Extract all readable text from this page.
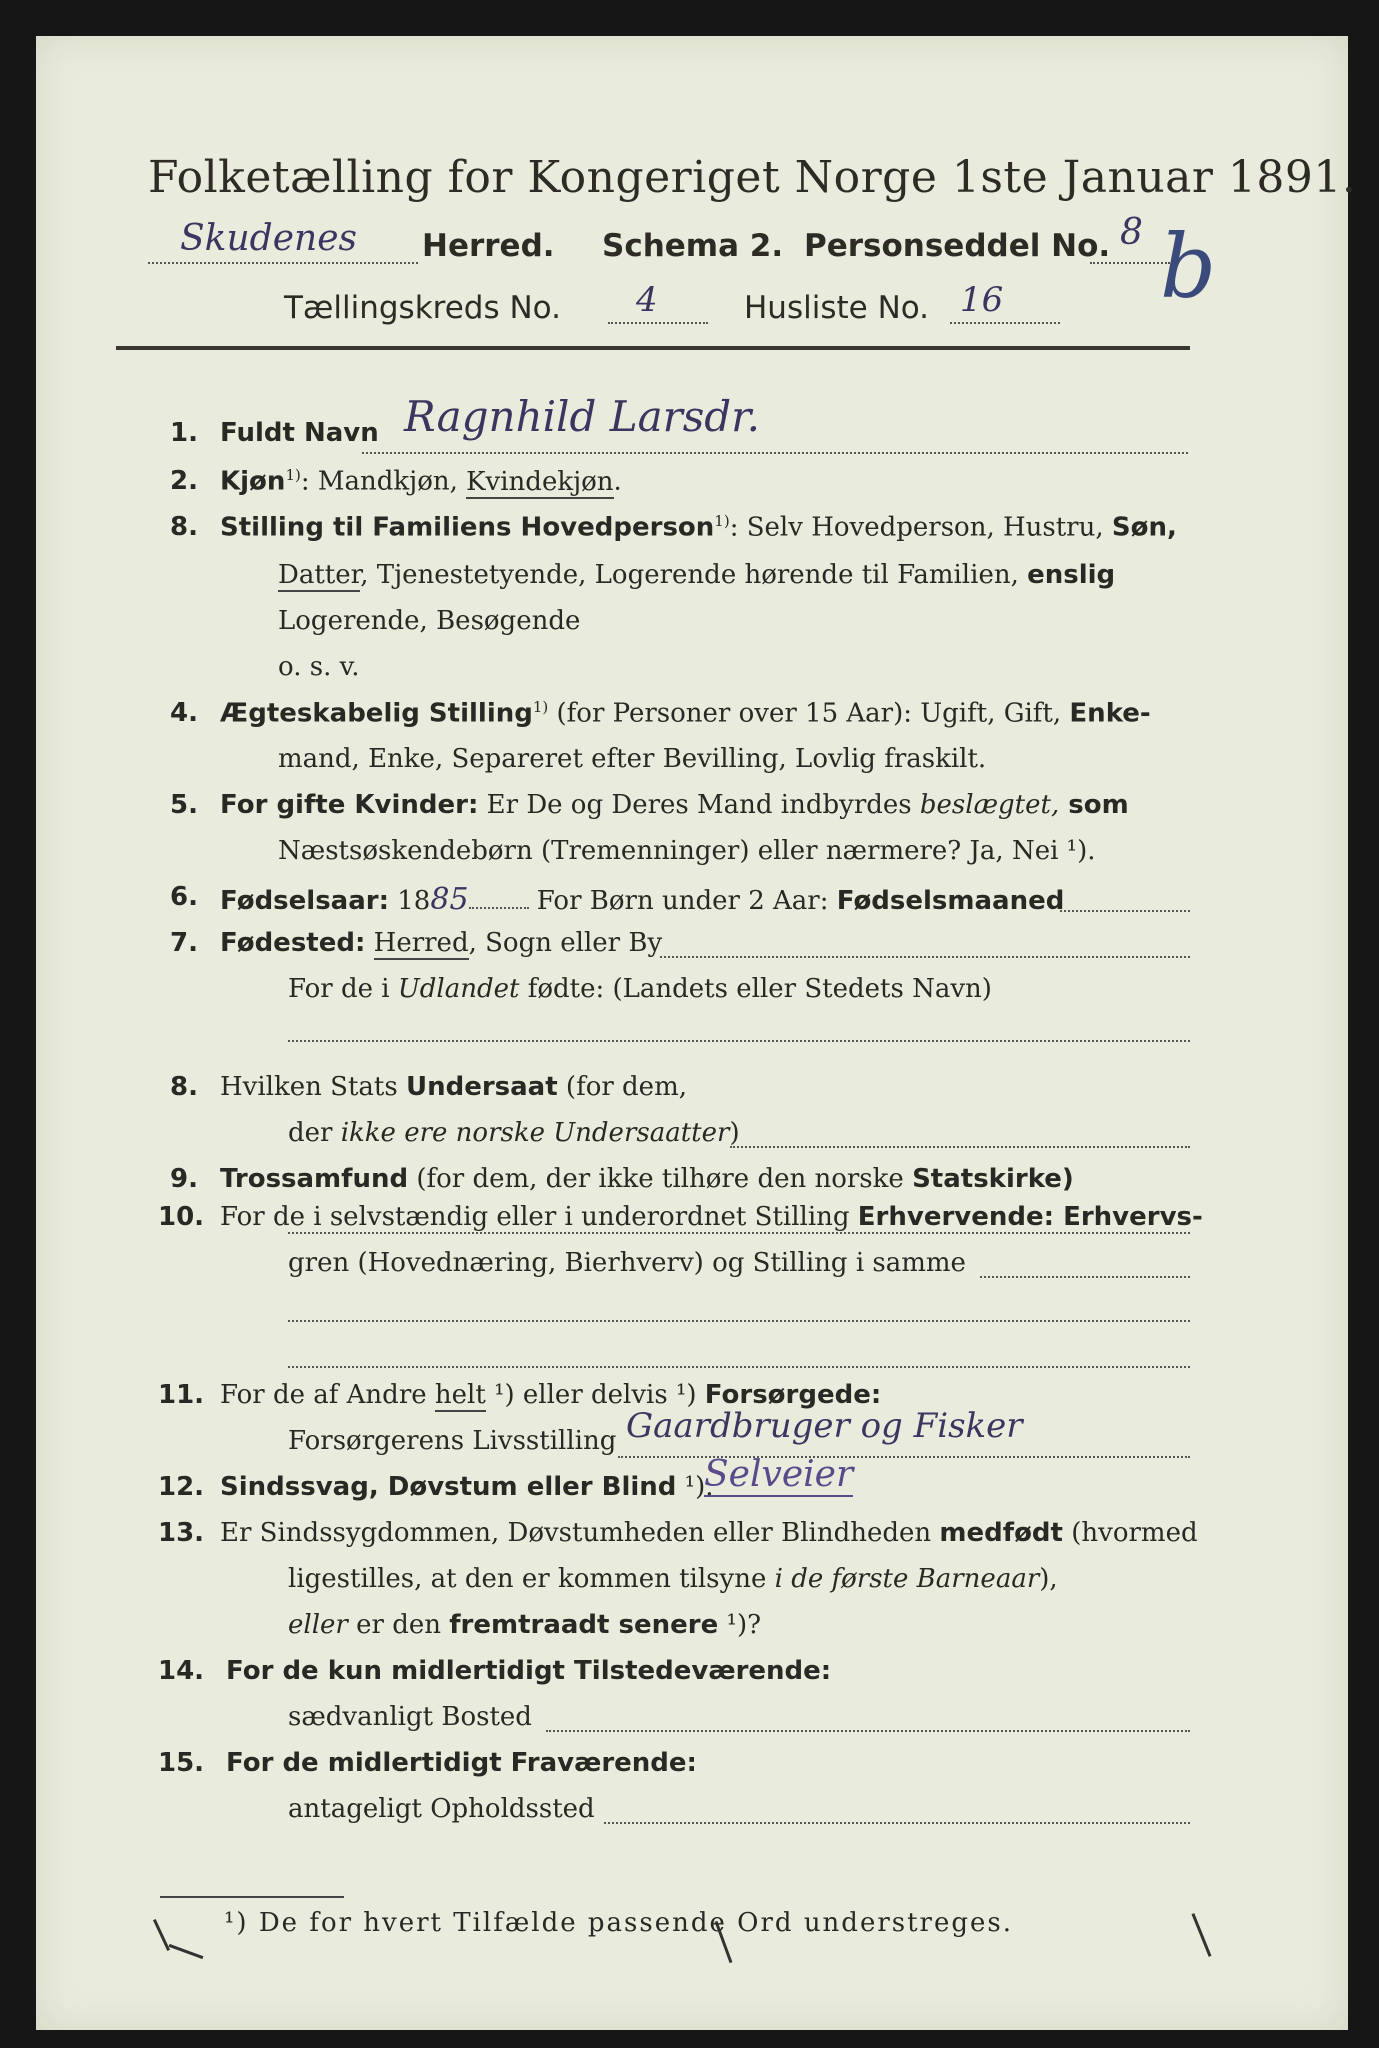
Folketælling for Kongeriget Norge 1ste Januar 1891.
Skudenes Herred. Schema 2. Personseddel No. 8 b
Tællingskreds No. 4	Husliste No. 16
1. Fuldt Navn Ragnhild Larsdr.
2. Kjøn$^{1)}$: Mandkjøn, Kvindekjøn.
8. Stilling til Familiens Hovedperson$^{1)}$: Selv Hovedperson, Hustru, Søn,
Datter, Tjenestetyende, Logerende hørende til Familien, enslig
Logerende, Besøgende
o. s. v.
4. Ægteskabelig Stilling$^{1)}$ (for Personer over 15 Aar): Ugift, Gift, Enke-
mand, Enke, Separeret efter Bevilling, Lovlig fraskilt.
5. For gifte Kvinder: Er De og Deres Mand indbyrdes beslægtet, som
Næstsøskendebørn (Tremenninger) eller nærmere? Ja, Nei ¹).
6. Fødselsaar: 1885 For Børn under 2 Aar: Fødselsmaaned
7. Fødested: Herred, Sogn eller By
For de i Udlandet fødte: (Landets eller Stedets Navn)
8. Hvilken Stats Undersaat (for dem,
der ikke ere norske Undersaatter)
9. Trossamfund (for dem, der ikke tilhøre den norske Statskirke)
10. For de i selvstændig eller i underordnet Stilling Erhvervende: Erhvervs-
gren (Hovednæring, Bierhverv) og Stilling i samme
11. For de af Andre helt ¹) eller delvis ¹) Forsørgede:
Forsørgerens Livsstilling Gaardbruger og Fisker
12. Sindssvag, Døvstum eller Blind ¹).
Selveier
13. Er Sindssygdommen, Døvstumheden eller Blindheden medfødt (hvormed
ligestilles, at den er kommen tilsyne i de første Barneaar),
eller er den fremtraadt senere ¹)?
14. For de kun midlertidigt Tilstedeværende:
sædvanligt Bosted
15. For de midlertidigt Fraværende:
antageligt Opholdssted
¹) De for hvert Tilfælde passende Ord understreges.
